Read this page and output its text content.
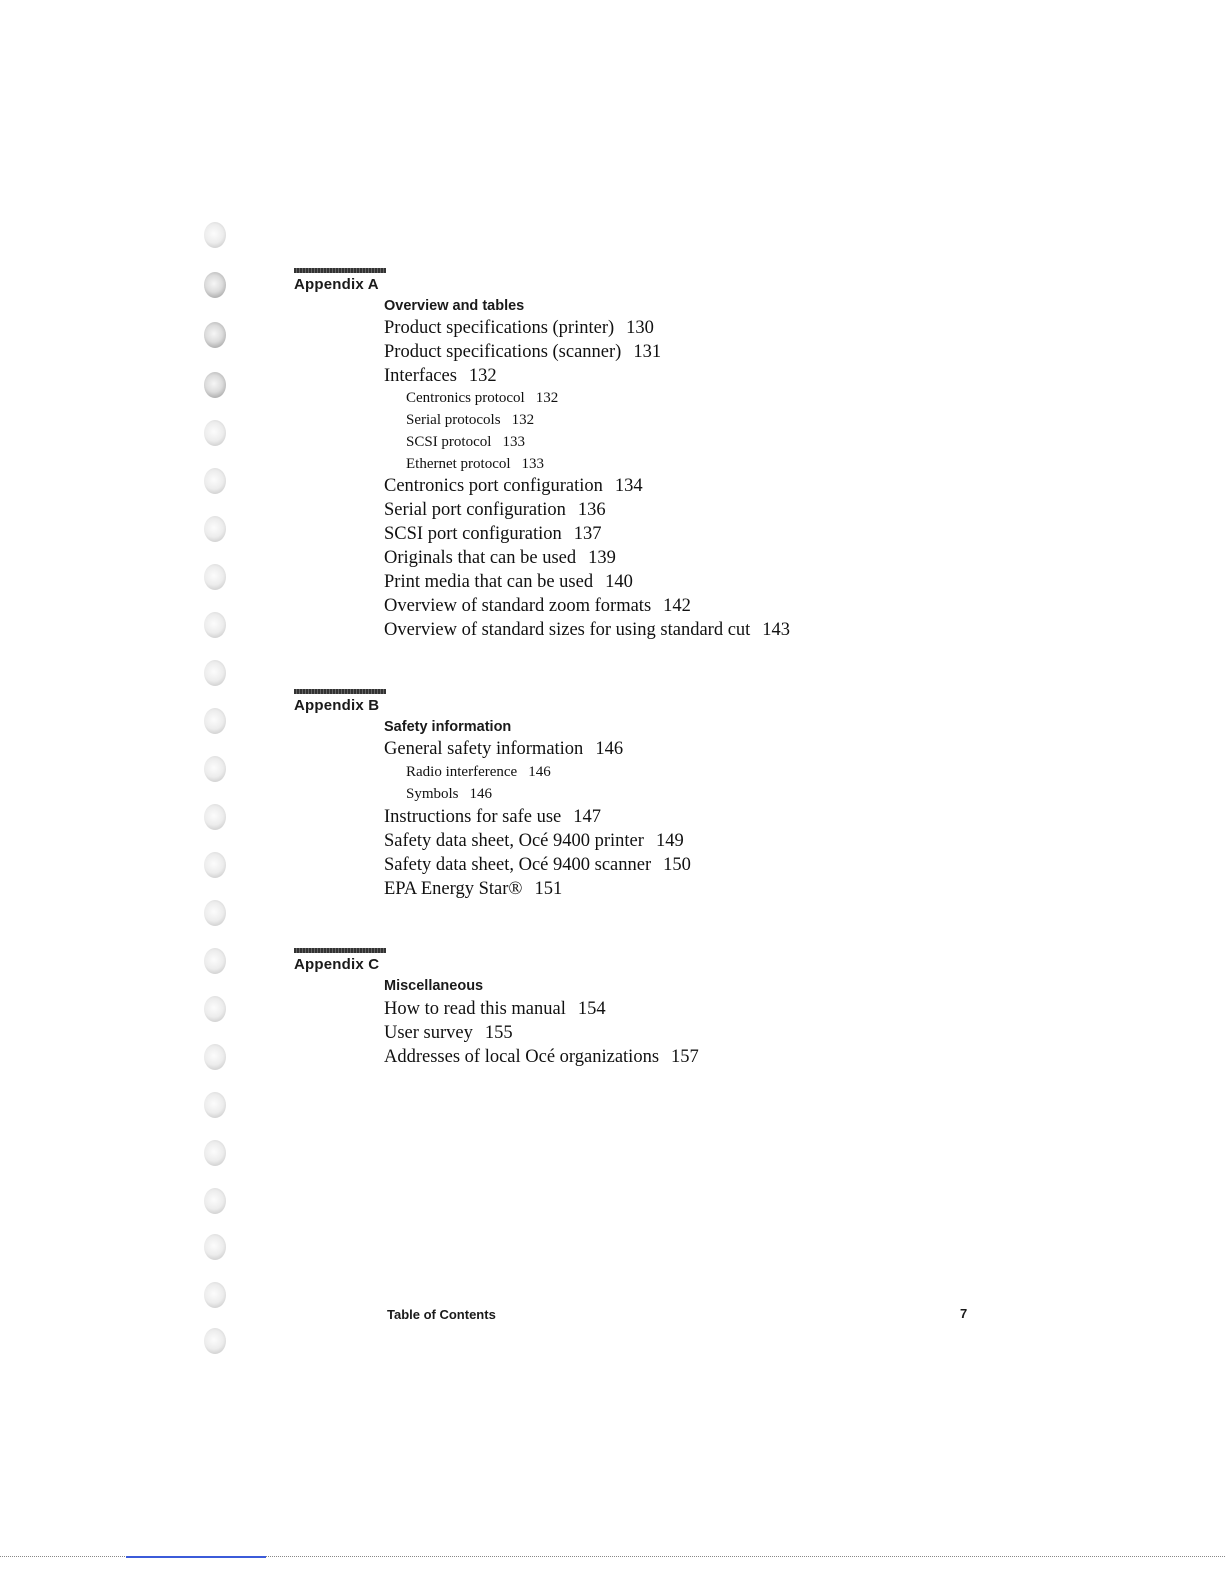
Appendix A
Overview and tables
Product specifications (printer) 130
Product specifications (scanner) 131
Interfaces 132
Centronics protocol 132
Serial protocols 132
SCSI protocol 133
Ethernet protocol 133
Centronics port configuration 134
Serial port configuration 136
SCSI port configuration 137
Originals that can be used 139
Print media that can be used 140
Overview of standard zoom formats 142
Overview of standard sizes for using standard cut 143
Appendix B
Safety information
General safety information 146
Radio interference 146
Symbols 146
Instructions for safe use 147
Safety data sheet, Océ 9400 printer 149
Safety data sheet, Océ 9400 scanner 150
EPA Energy Star® 151
Appendix C
Miscellaneous
How to read this manual 154
User survey 155
Addresses of local Océ organizations 157
Table of Contents	7
